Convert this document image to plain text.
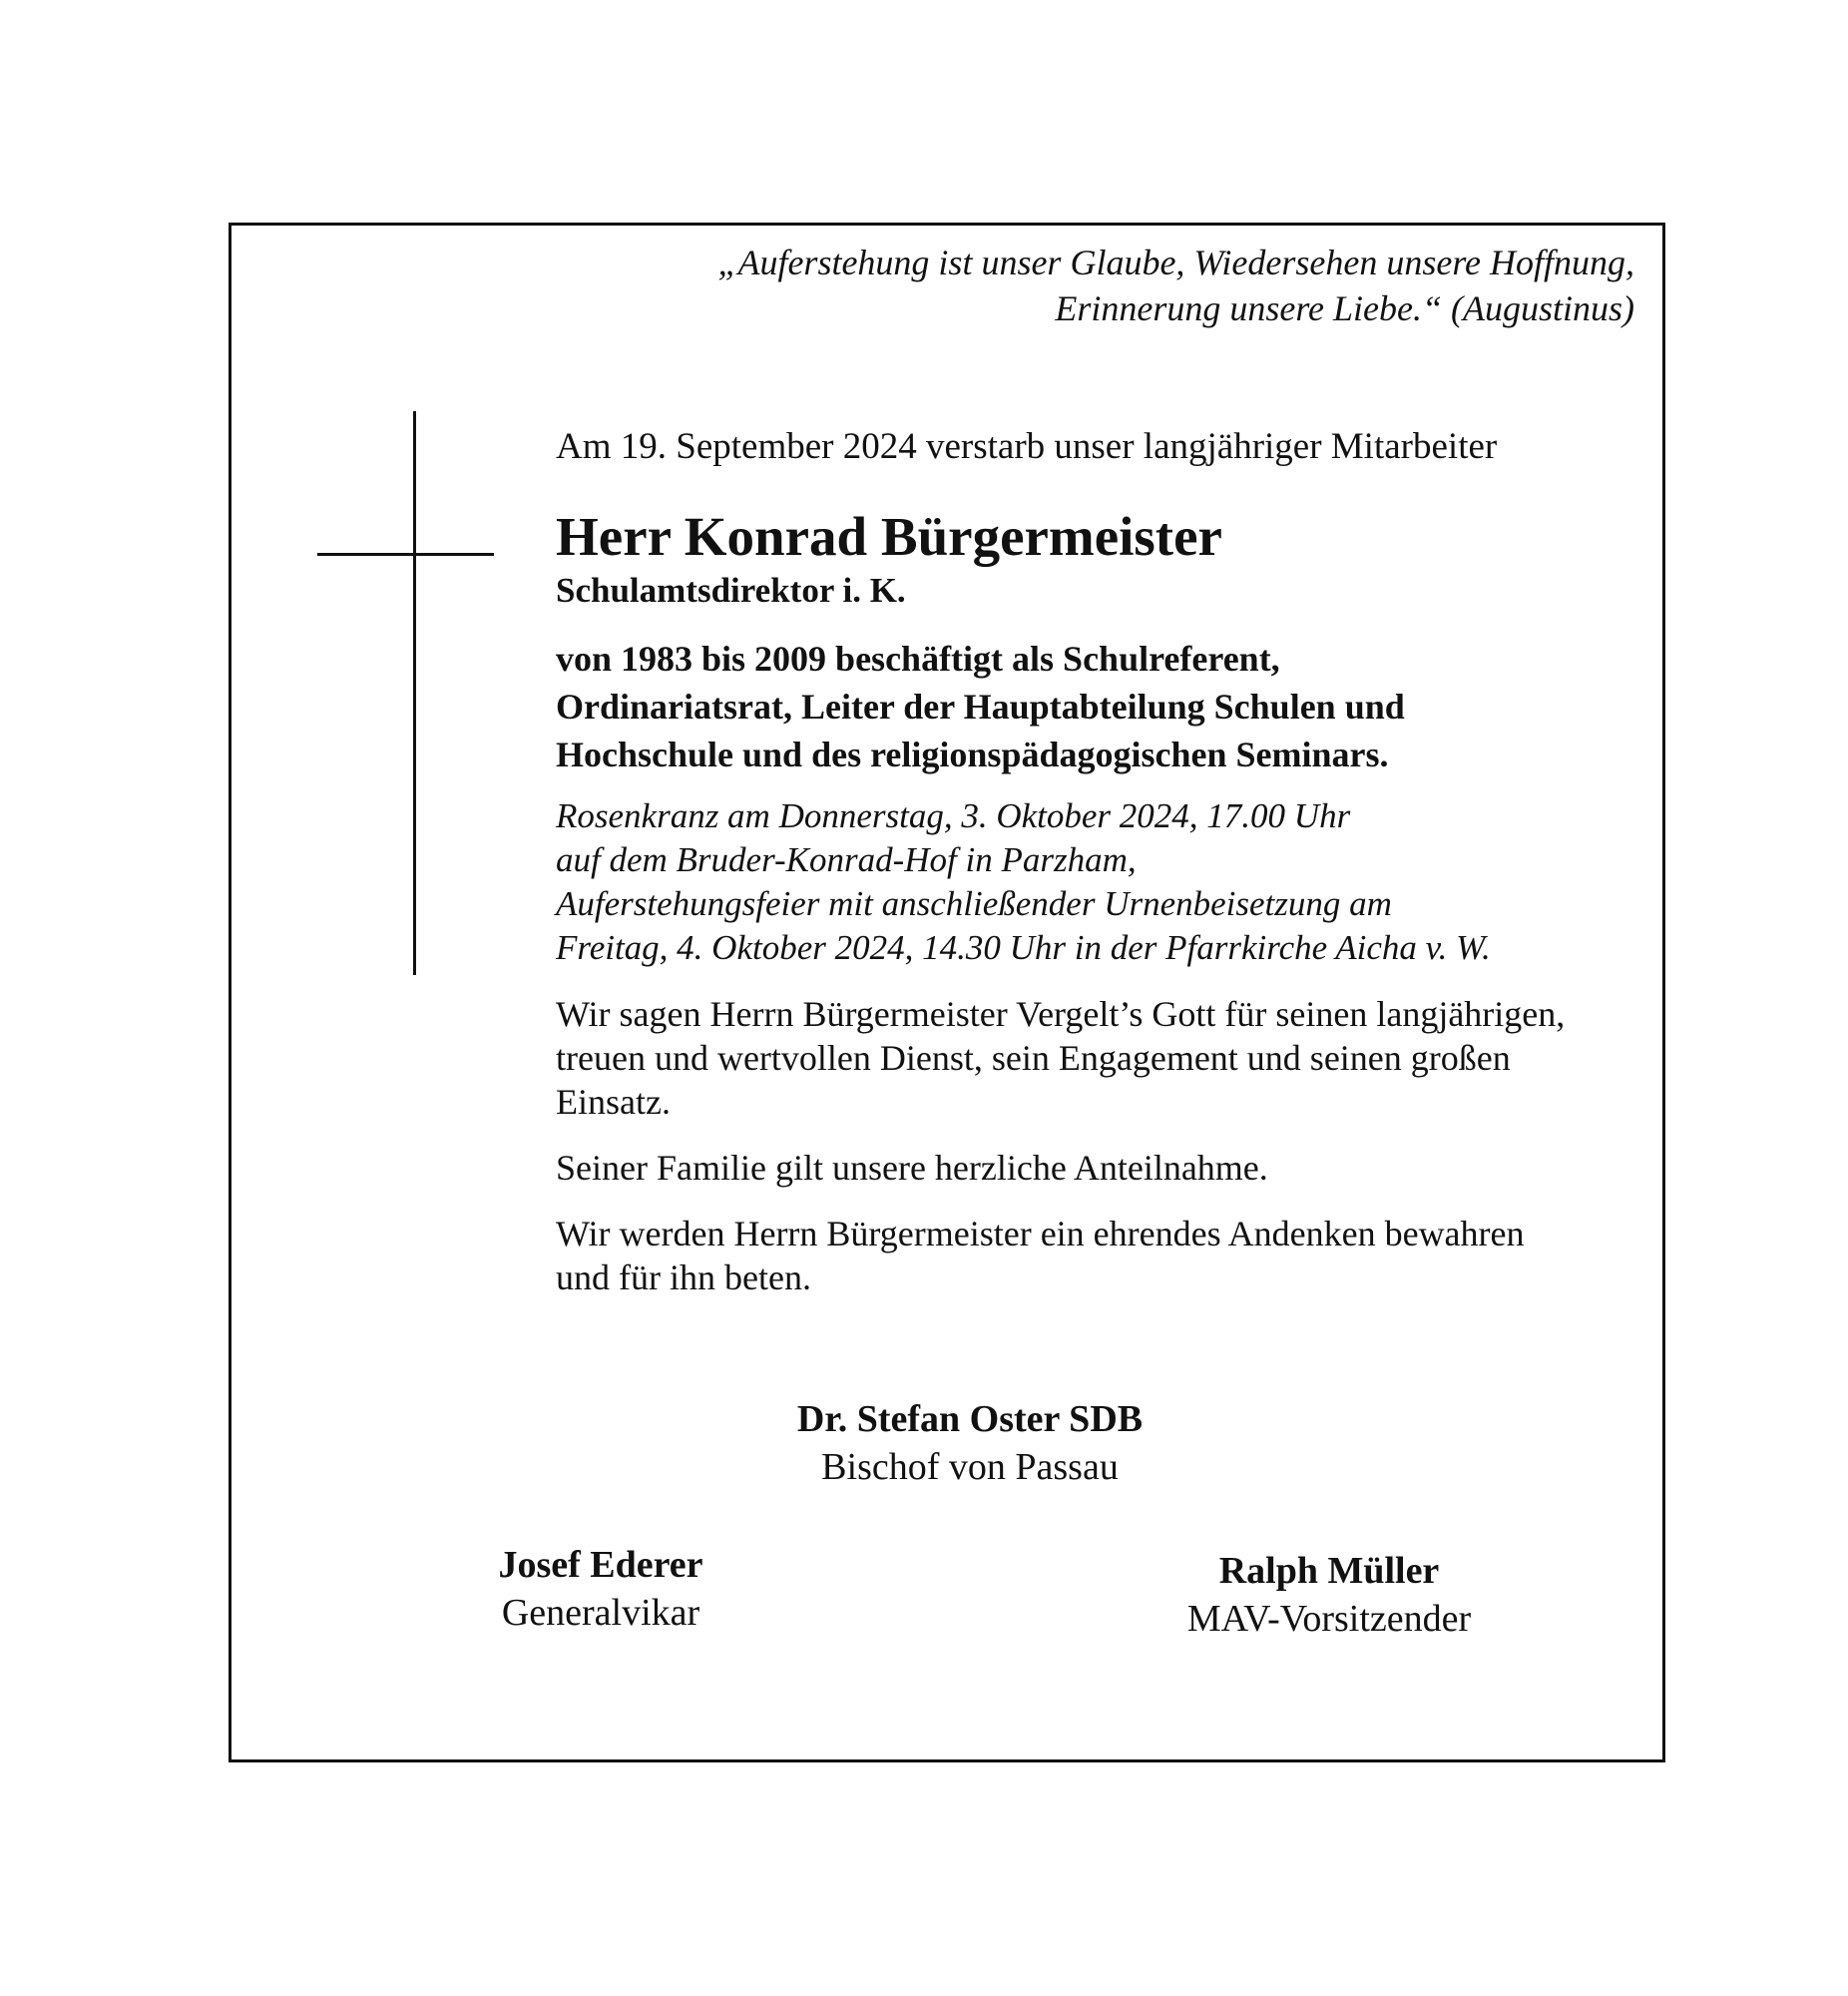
„Auferstehung ist unser Glaube, Wiedersehen unsere Hoffnung,
Erinnerung unsere Liebe.“ (Augustinus)

Am 19. September 2024 verstarb unser langjähriger Mitarbeiter

Herr Konrad Bürgermeister

Schulamtsdirektor i. K.

von 1983 bis 2009 beschäftigt als Schulreferent,
Ordinariatsrat, Leiter der Hauptabteilung Schulen und
Hochschule und des religionspädagogischen Seminars.

Rosenkranz am Donnerstag, 3. Oktober 2024, 17.00 Uhr
auf dem Bruder-Konrad-Hof in Parzham,
Auferstehungsfeier mit anschließender Urnenbeisetzung am
Freitag, 4. Oktober 2024, 14.30 Uhr in der Pfarrkirche Aicha v. W.

Wir sagen Herrn Bürgermeister Vergelt’s Gott für seinen langjährigen,
treuen und wertvollen Dienst, sein Engagement und seinen großen
Einsatz.

Seiner Familie gilt unsere herzliche Anteilnahme.

Wir werden Herrn Bürgermeister ein ehrendes Andenken bewahren
und für ihn beten.

Dr. Stefan Oster SDB
Bischof von Passau
Josef Ederer
Generalvikar
Ralph Müller
MAV-Vorsitzender
